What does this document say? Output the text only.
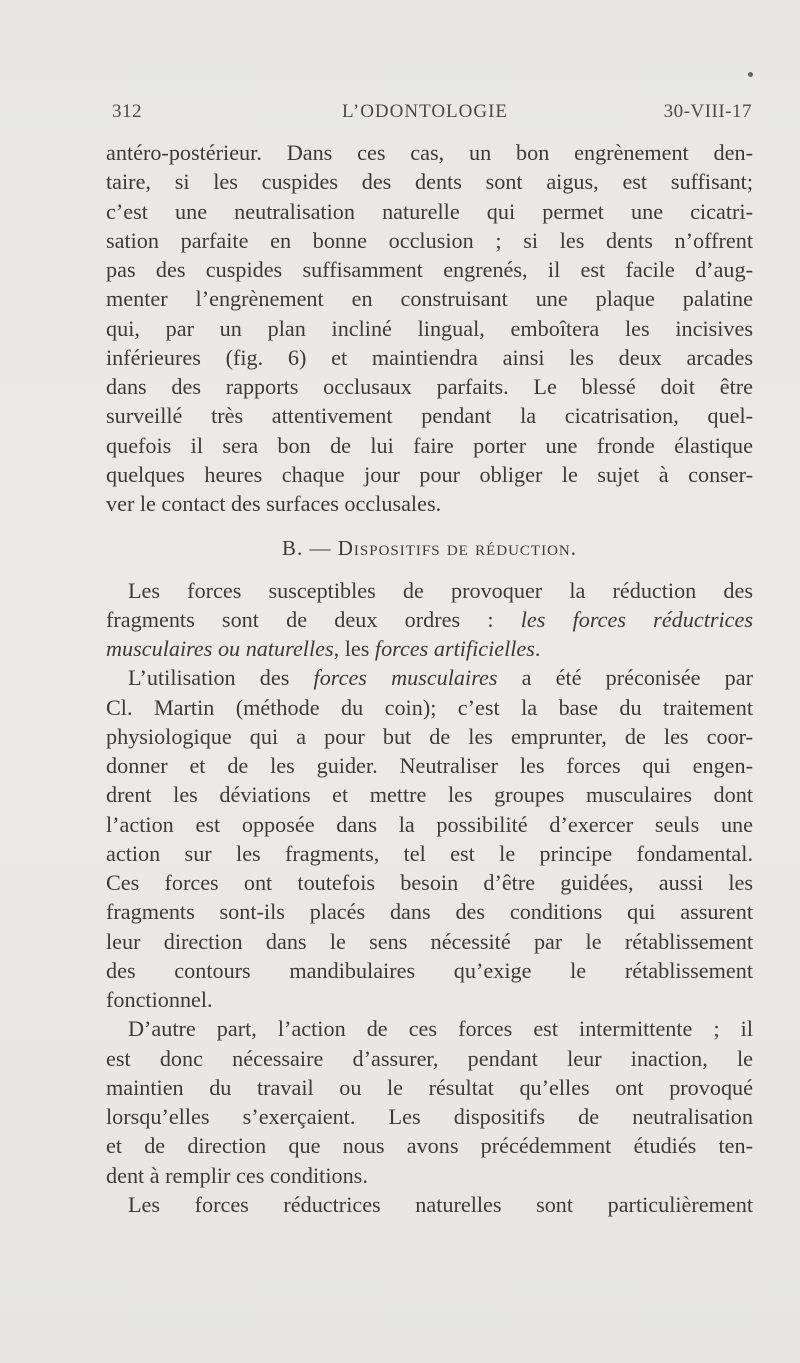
312	L’ODONTOLOGIE	30-VIII-17
antéro-postérieur. Dans ces cas, un bon engrènement den-
taire, si les cuspides des dents sont aigus, est suffisant;
c’est une neutralisation naturelle qui permet une cicatri-
sation parfaite en bonne occlusion ; si les dents n’offrent
pas des cuspides suffisamment engrenés, il est facile d’aug-
menter l’engrènement en construisant une plaque palatine
qui, par un plan incliné lingual, emboîtera les incisives
inférieures (fig. 6) et maintiendra ainsi les deux arcades
dans des rapports occlusaux parfaits. Le blessé doit être
surveillé très attentivement pendant la cicatrisation, quel-
quefois il sera bon de lui faire porter une fronde élastique
quelques heures chaque jour pour obliger le sujet à conser-
ver le contact des surfaces occlusales.
B. — Dispositifs de réduction.
Les forces susceptibles de provoquer la réduction des
fragments sont de deux ordres : les forces réductrices
musculaires ou naturelles, les forces artificielles.
L’utilisation des forces musculaires a été préconisée par
Cl. Martin (méthode du coin); c’est la base du traitement
physiologique qui a pour but de les emprunter, de les coor-
donner et de les guider. Neutraliser les forces qui engen-
drent les déviations et mettre les groupes musculaires dont
l’action est opposée dans la possibilité d’exercer seuls une
action sur les fragments, tel est le principe fondamental.
Ces forces ont toutefois besoin d’être guidées, aussi les
fragments sont-ils placés dans des conditions qui assurent
leur direction dans le sens nécessité par le rétablissement
des contours mandibulaires qu’exige le rétablissement
fonctionnel.
D’autre part, l’action de ces forces est intermittente ; il
est donc nécessaire d’assurer, pendant leur inaction, le
maintien du travail ou le résultat qu’elles ont provoqué
lorsqu’elles s’exerçaient. Les dispositifs de neutralisation
et de direction que nous avons précédemment étudiés ten-
dent à remplir ces conditions.
Les forces réductrices naturelles sont particulièrement
